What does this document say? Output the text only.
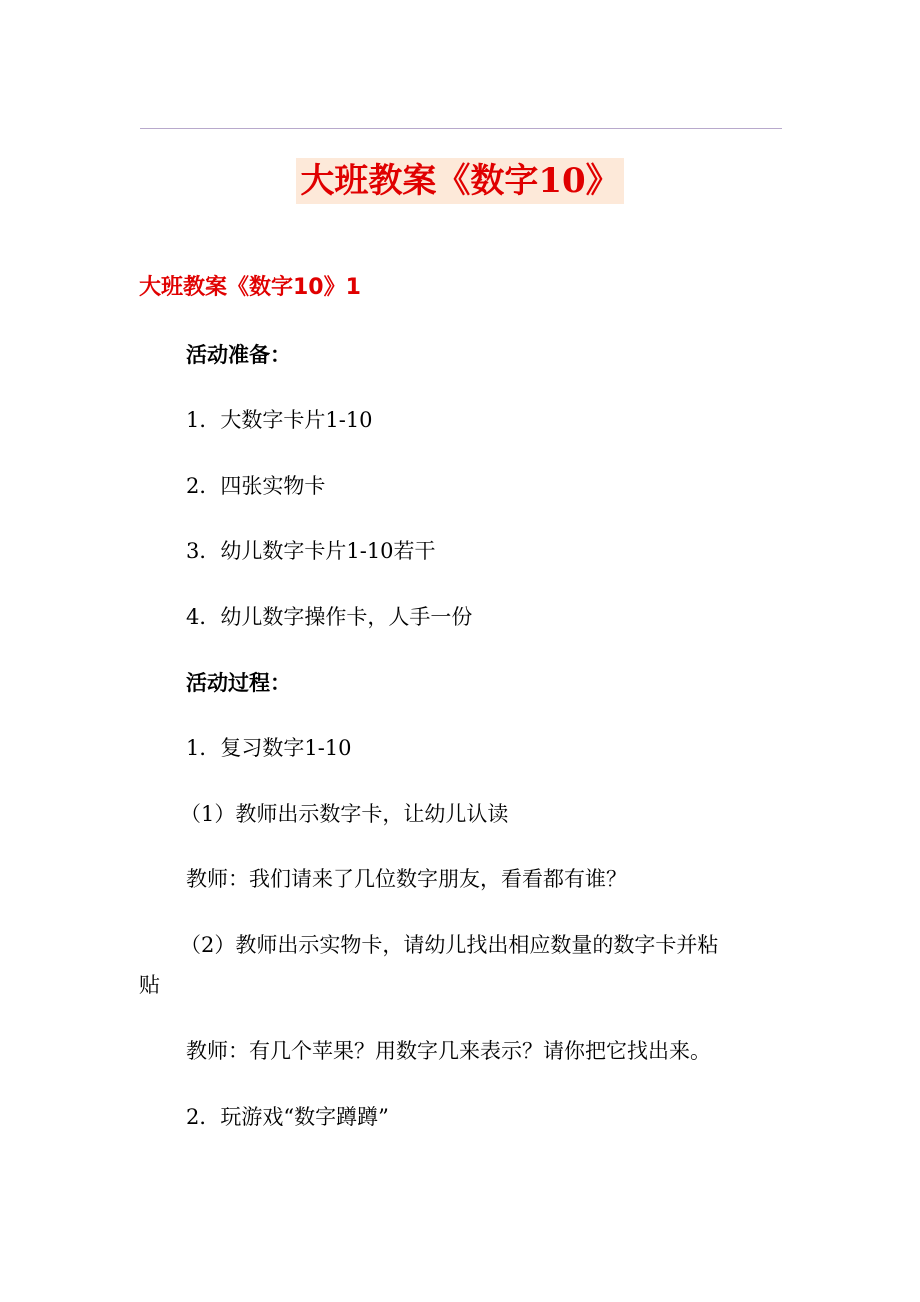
大班教案《数字10》
大班教案《数字10》1
活动准备：
1．大数字卡片1-10
2．四张实物卡
3．幼儿数字卡片1-10若干
4．幼儿数字操作卡，人手一份
活动过程：
1．复习数字1-10
（1）教师出示数字卡，让幼儿认读
教师：我们请来了几位数字朋友，看看都有谁？
（2）教师出示实物卡，请幼儿找出相应数量的数字卡并粘
贴
教师：有几个苹果？用数字几来表示？请你把它找出来。
2．玩游戏“数字蹲蹲”
